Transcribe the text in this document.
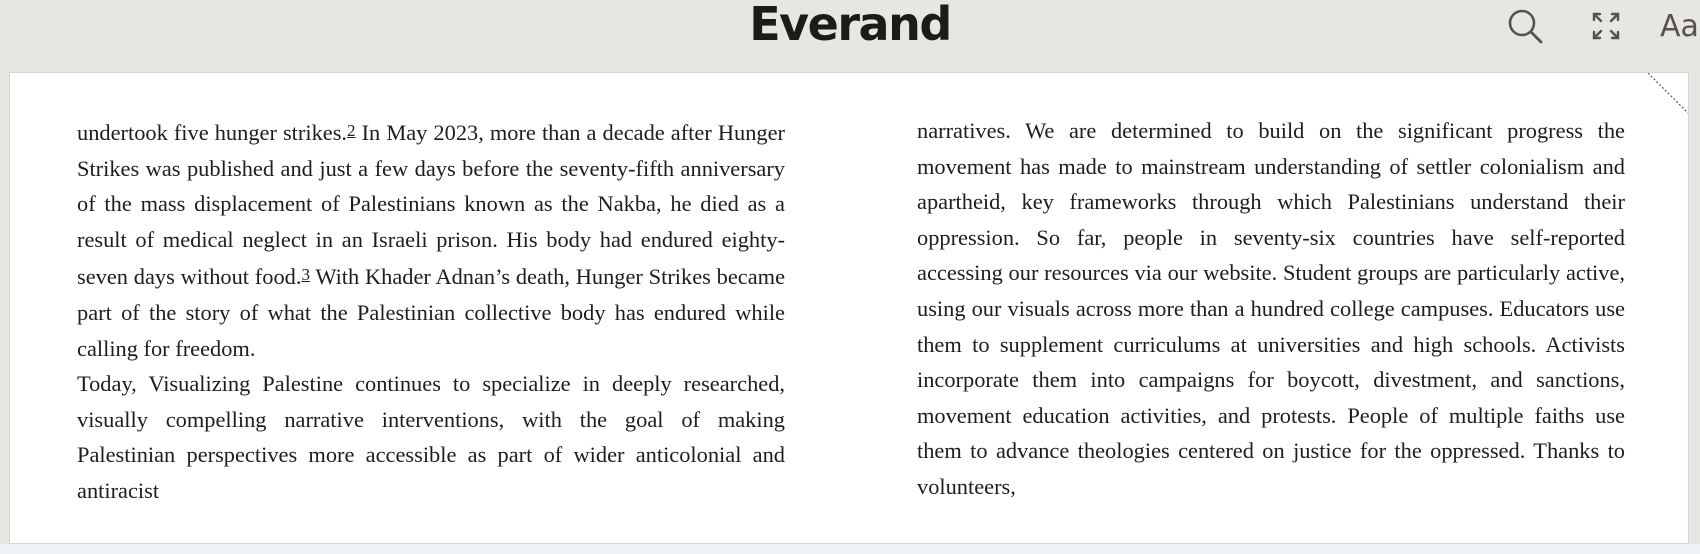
Everand	Aa

undertook five hunger strikes.2 In May 2023, more than a decade after Hunger Strikes was published and just a few days before the seventy-fifth anniversary of the mass displacement of Palestinians known as the Nakba, he died as a result of medical neglect in an Israeli prison. His body had endured eighty-seven days without food.3 With Khader Adnan’s death, Hunger Strikes became part of the story of what the Palestinian collective body has endured while calling for freedom.

Today, Visualizing Palestine continues to specialize in deeply researched, visually compelling narrative interventions, with the goal of making Palestinian perspectives more accessible as part of wider anticolonial and antiracist

narratives. We are determined to build on the significant progress the movement has made to mainstream understanding of settler colonialism and apartheid, key frameworks through which Palestinians understand their oppression. So far, people in seventy-six countries have self-reported accessing our resources via our website. Student groups are particularly active, using our visuals across more than a hundred college campuses. Educators use them to supplement curriculums at universities and high schools. Activists incorporate them into campaigns for boycott, divestment, and sanctions, movement education activities, and protests. People of multiple faiths use them to advance theologies centered on justice for the oppressed. Thanks to volunteers,
